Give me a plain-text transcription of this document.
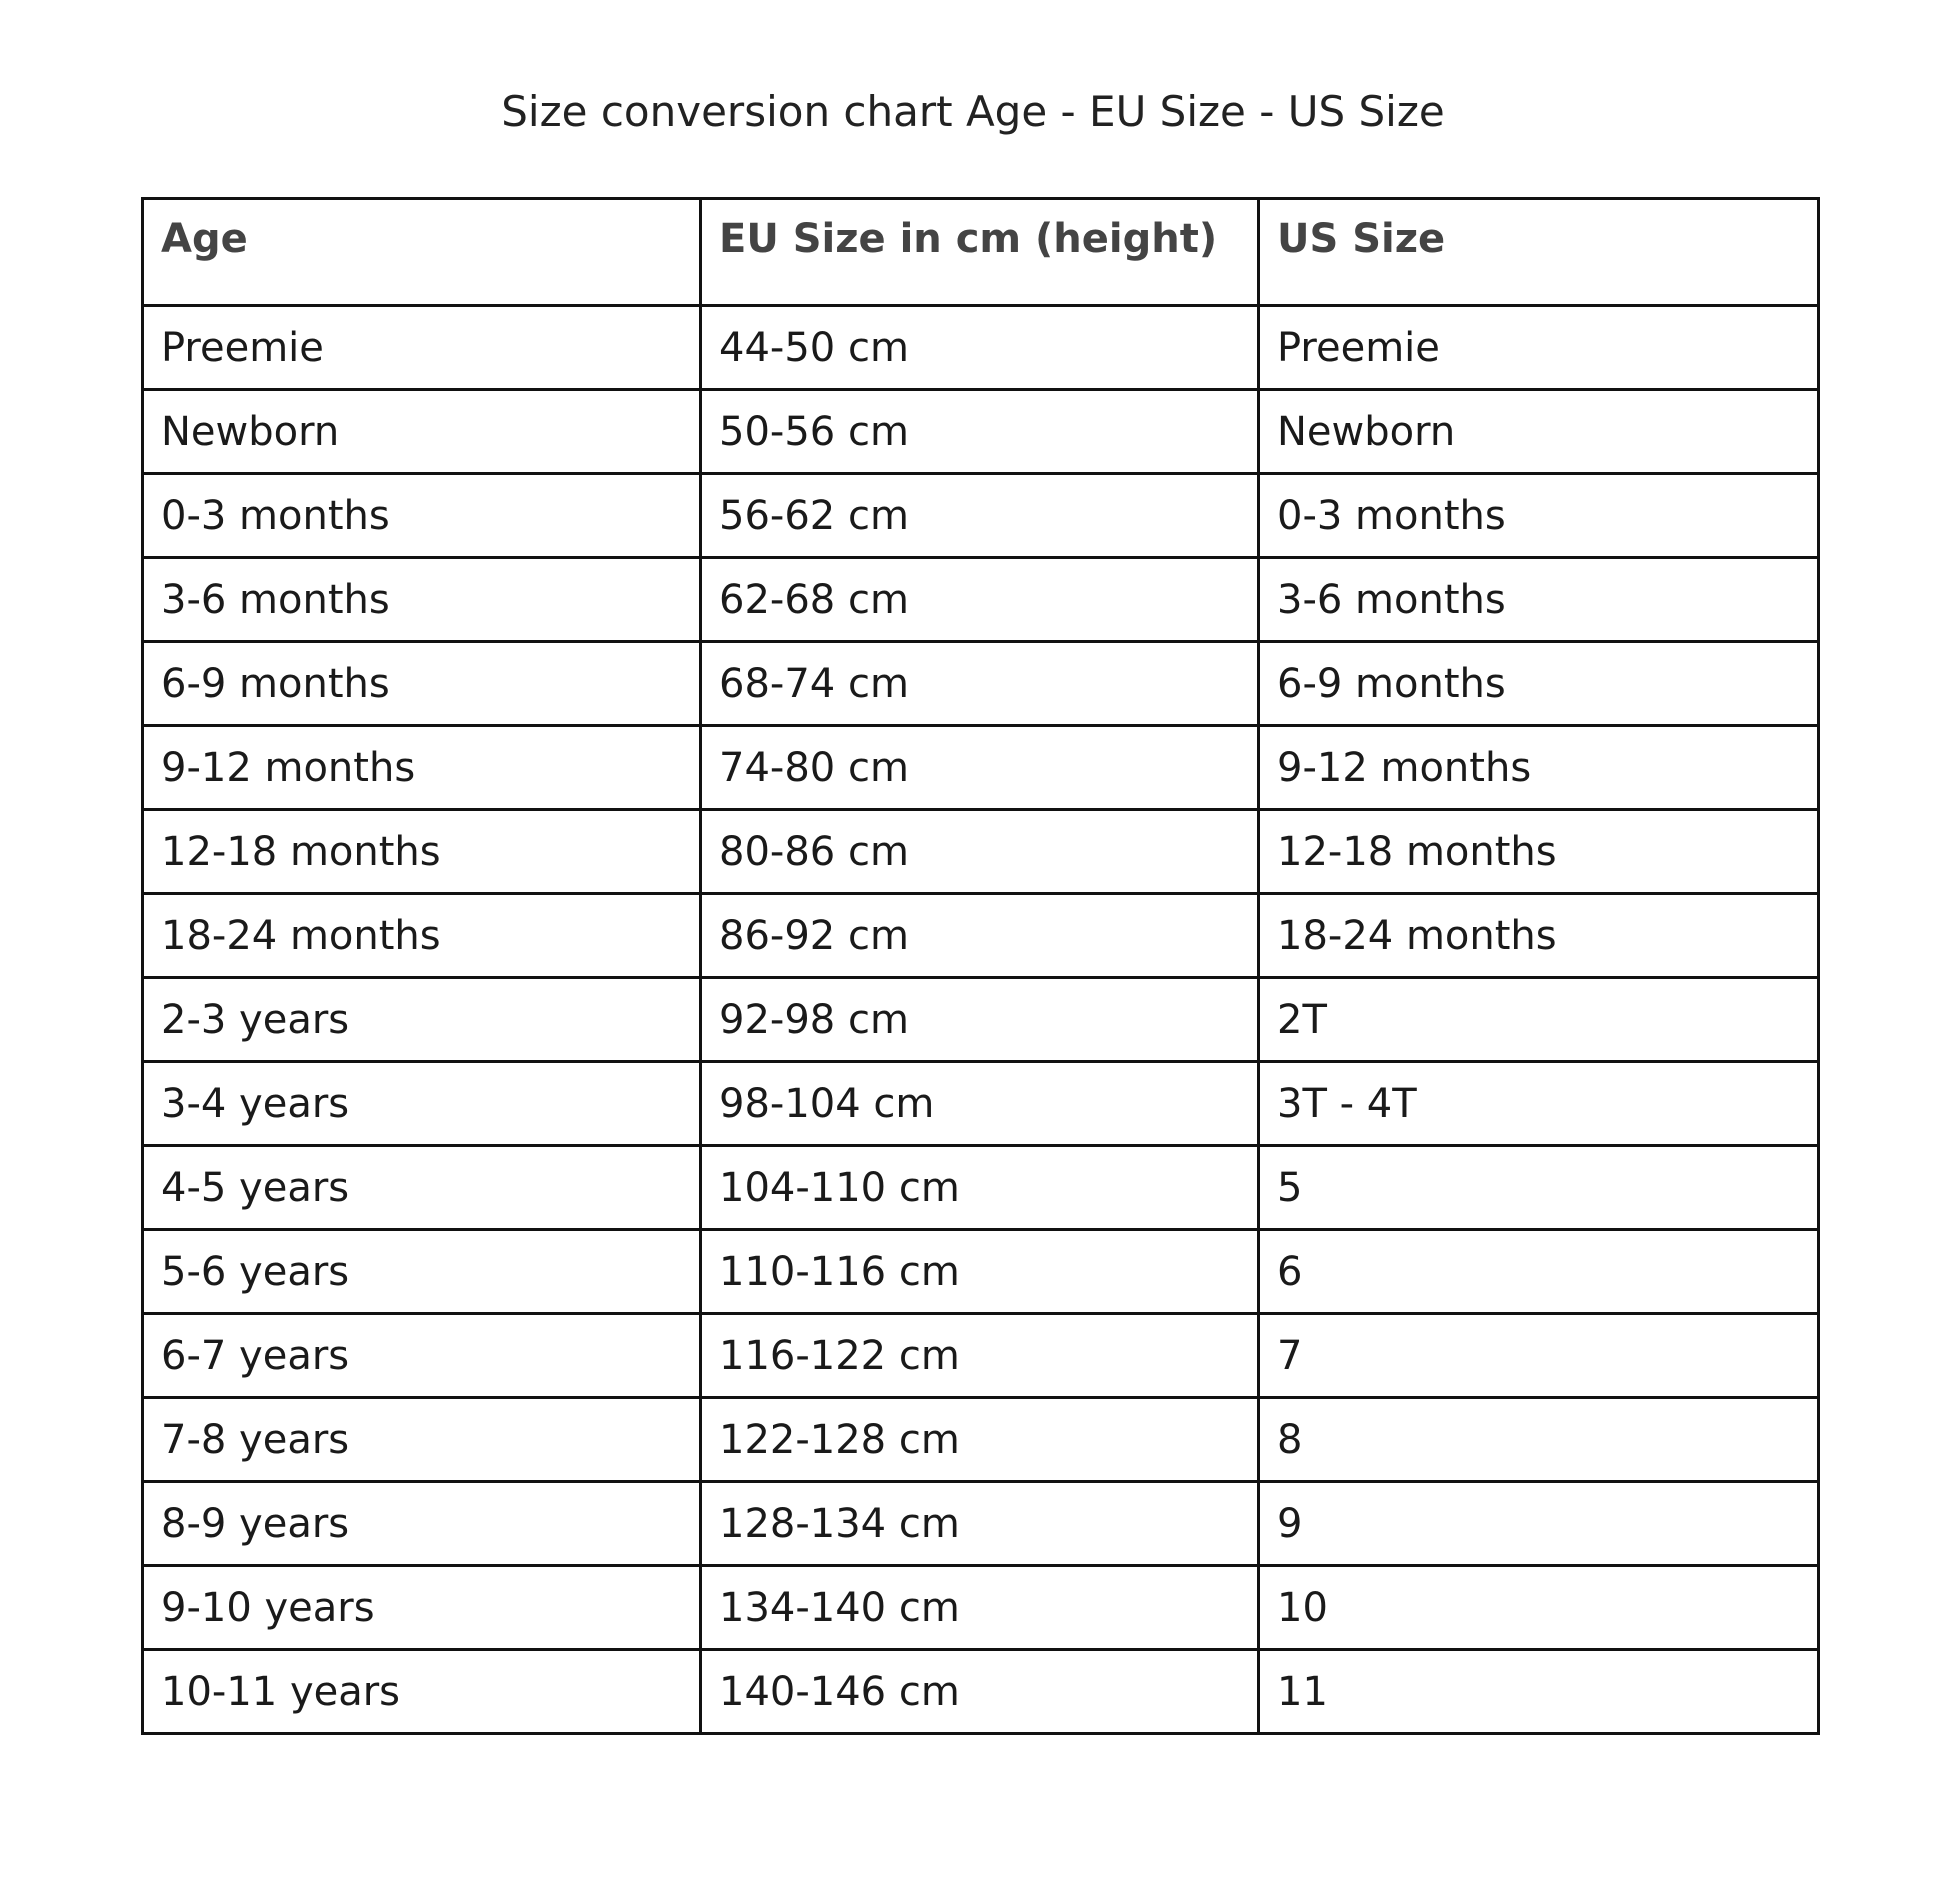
Size conversion chart Age - EU Size - US Size
Age	EU Size in cm (height)	US Size
Preemie	44-50 cm	Preemie
Newborn	50-56 cm	Newborn
0-3 months	56-62 cm	0-3 months
3-6 months	62-68 cm	3-6 months
6-9 months	68-74 cm	6-9 months
9-12 months	74-80 cm	9-12 months
12-18 months	80-86 cm	12-18 months
18-24 months	86-92 cm	18-24 months
2-3 years	92-98 cm	2T
3-4 years	98-104 cm	3T - 4T
4-5 years	104-110 cm	5
5-6 years	110-116 cm	6
6-7 years	116-122 cm	7
7-8 years	122-128 cm	8
8-9 years	128-134 cm	9
9-10 years	134-140 cm	10
10-11 years	140-146 cm	11
